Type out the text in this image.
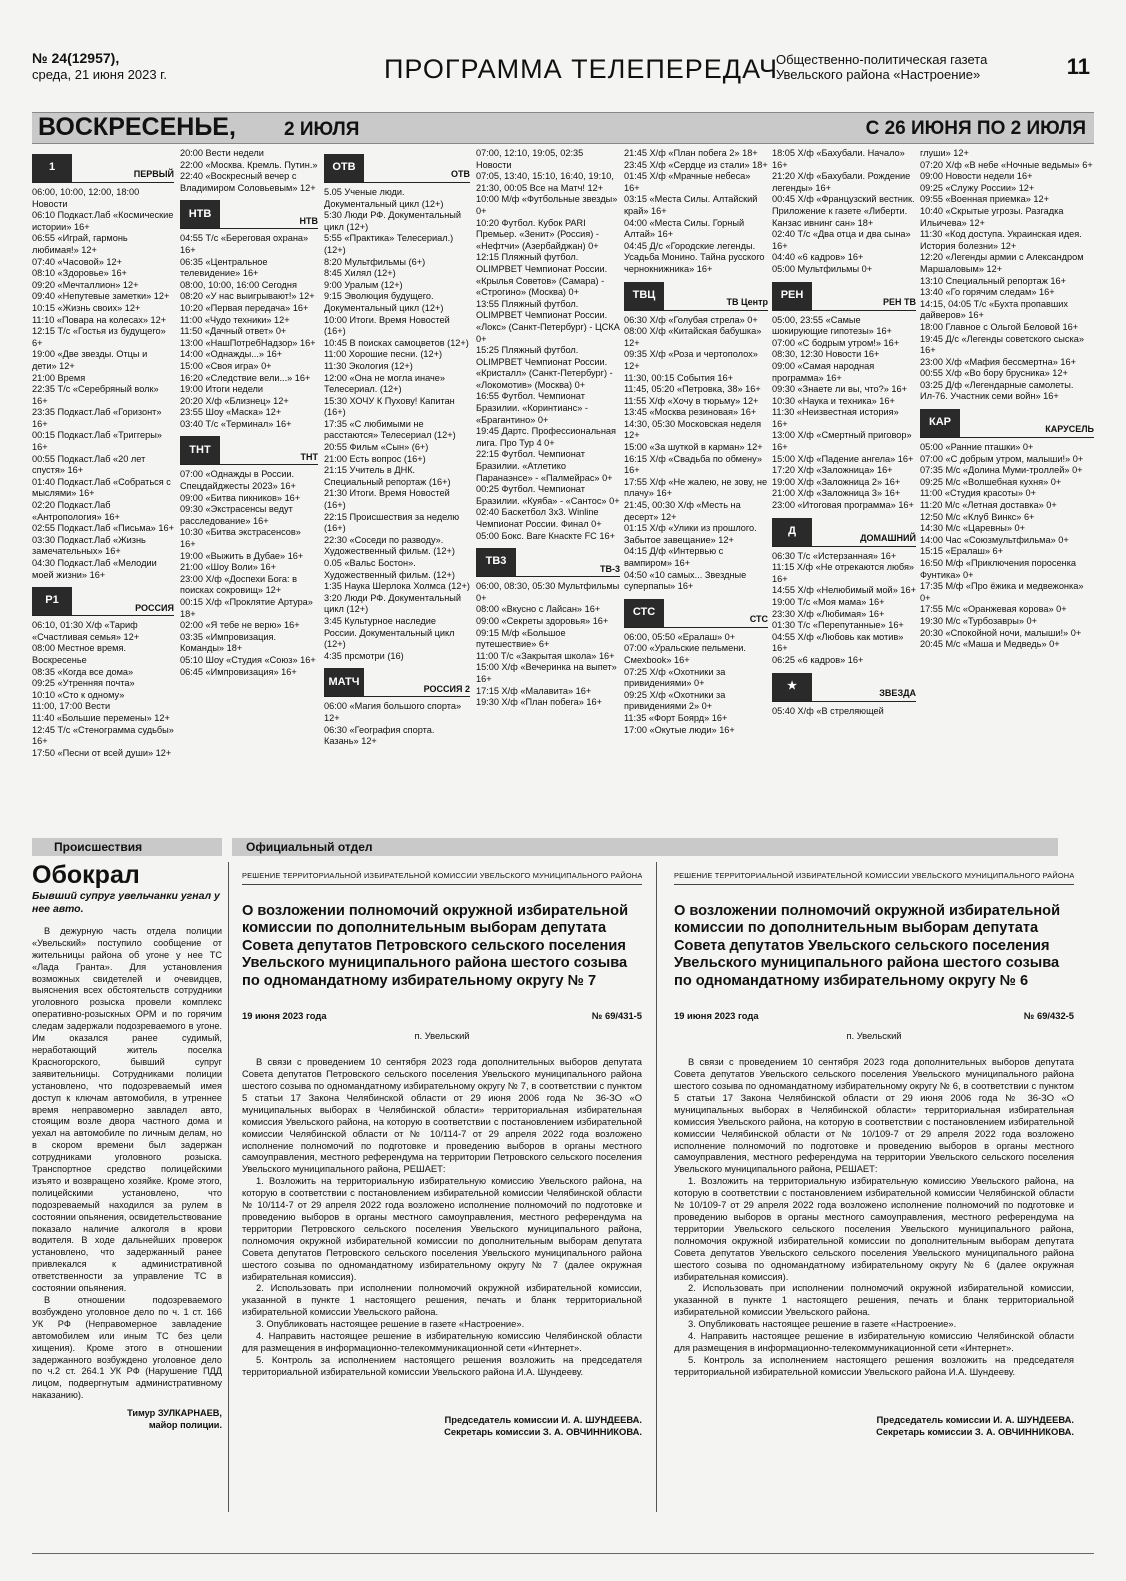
№ 24(12957),
среда, 21 июня 2023 г.	ПРОГРАММА ТЕЛЕПЕРЕДАЧ
Общественно-политическая газета
Увельского района «Настроение»	11
ВОСКРЕСЕНЬЕ,	2 ИЮЛЯ	С 26 ИЮНЯ ПО 2 ИЮЛЯ
1
ПЕРВЫЙ
06:00, 10:00, 12:00, 18:00 Новости
06:10 Подкаст.Лаб «Космические истории» 16+
06:55 «Играй, гармонь любимая!» 12+
07:40 «Часовой» 12+
08:10 «Здоровье» 16+
09:20 «Мечталлион» 12+
09:40 «Непутевые заметки» 12+
10:15 «Жизнь своих» 12+
11:10 «Повара на колесах» 12+
12:15 Т/с «Гостья из будущего» 6+
19:00 «Две звезды. Отцы и дети» 12+
21:00 Время
22:35 Т/с «Серебряный волк» 16+
23:35 Подкаст.Лаб «Горизонт» 16+
00:15 Подкаст.Лаб «Триггеры» 16+
00:55 Подкаст.Лаб «20 лет спустя» 16+
01:40 Подкаст.Лаб «Собраться с мыслями» 16+
02:20 Подкаст.Лаб «Антропология» 16+
02:55 Подкаст.Лаб «Письма» 16+
03:30 Подкаст.Лаб «Жизнь замечательных» 16+
04:30 Подкаст.Лаб «Мелодии моей жизни» 16+
Р1
РОССИЯ
06:10, 01:30 Х/ф «Тариф «Счастливая семья» 12+
08:00 Местное время. Воскресенье
08:35 «Когда все дома»
09:25 «Утренняя почта»
10:10 «Сто к одному»
11:00, 17:00 Вести
11:40 «Большие перемены» 12+
12:45 Т/с «Стенограмма судьбы» 16+
17:50 «Песни от всей души» 12+
20:00 Вести недели
22:00 «Москва. Кремль. Путин.»
22:40 «Воскресный вечер с Владимиром Соловьевым» 12+
НТВ
НТВ
04:55 Т/с «Береговая охрана» 16+
06:35 «Центральное телевидение» 16+
08:00, 10:00, 16:00 Сегодня
08:20 «У нас выигрывают!» 12+
10:20 «Первая передача» 16+
11:00 «Чудо техники» 12+
11:50 «Дачный ответ» 0+
13:00 «НашПотребНадзор» 16+
14:00 «Однажды...» 16+
15:00 «Своя игра» 0+
16:20 «Следствие вели...» 16+
19:00 Итоги недели
20:20 Х/ф «Близнец» 12+
23:55 Шоу «Маска» 12+
03:40 Т/с «Терминал» 16+
ТНТ
ТНТ
07:00 «Однажды в России. Спецдайджесты 2023» 16+
09:00 «Битва пикников» 16+
09:30 «Экстрасенсы ведут расследование» 16+
10:30 «Битва экстрасенсов» 16+
19:00 «Выжить в Дубае» 16+
21:00 «Шоу Воли» 16+
23:00 Х/ф «Доспехи Бога: в поисках сокровищ» 12+
00:15 Х/ф «Проклятие Артура» 18+
02:00 «Я тебе не верю» 16+
03:35 «Импровизация. Команды» 18+
05:10 Шоу «Студия «Союз» 16+
06:45 «Импровизация» 16+
ОТВ
ОТВ
5.05 Ученые люди. Документальный цикл (12+)
5:30 Люди РФ. Документальный цикл (12+)
5:55 «Практика» Телесериал.) (12+)
8:20 Мультфильмы (6+)
8:45 Хилял (12+)
9:00 Уралым (12+)
9:15 Эволюция будущего. Документальный цикл (12+)
10:00 Итоги. Время Новостей (16+)
10:45 В поисках самоцветов (12+)
11:00 Хорошие песни. (12+)
11:30 Экология (12+)
12:00 «Она не могла иначе» Телесериал. (12+)
15:30 ХОЧУ К Пухову! Капитан (16+)
17:35 «С любимыми не расстаются» Телесериал (12+)
20:55 Фильм «Сын» (6+)
21:00 Есть вопрос (16+)
21:15 Учитель в ДНК. Специальный репортаж (16+)
21:30 Итоги. Время Новостей (16+)
22:15 Происшествия за неделю (16+)
22:30 «Соседи по разводу». Художественный фильм. (12+)
0.05 «Вальс Бостон». Художественный фильм. (12+)
1:35 Наука Шерлока Холмса (12+)
3:20 Люди РФ. Документальный цикл (12+)
3:45 Культурное наследие России. Документальный цикл (12+)
4:35 прсмотри (16)
МАТЧ
РОССИЯ 2
06:00 «Магия большого спорта» 12+
06:30 «География спорта. Казань» 12+
07:00, 12:10, 19:05, 02:35 Новости
07:05, 13:40, 15:10, 16:40, 19:10, 21:30, 00:05 Все на Матч! 12+
10:00 М/ф «Футбольные звезды» 0+
10:20 Футбол. Кубок PARI Премьер. «Зенит» (Россия) - «Нефтчи» (Азербайджан) 0+
12:15 Пляжный футбол. OLIMPBET Чемпионат России. «Крылья Советов» (Самара) - «Строгино» (Москва) 0+
13:55 Пляжный футбол. OLIMPBET Чемпионат России. «Локс» (Санкт-Петербург) - ЦСКА 0+
15:25 Пляжный футбол. OLIMPBET Чемпионат России. «Кристалл» (Санкт-Петербург) - «Локомотив» (Москва) 0+
16:55 Футбол. Чемпионат Бразилии. «Коринтианс» - «Брагантино» 0+
19:45 Дартс. Профессиональная лига. Про Тур 4 0+
22:15 Футбол. Чемпионат Бразилии. «Атлетико Паранаэнсе» - «Палмейрас» 0+
00:25 Футбол. Чемпионат Бразилии. «Куяба» - «Сантос» 0+
02:40 Баскетбол 3х3. Winline Чемпионат России. Финал 0+
05:00 Бокс. Ваге Кнаскте FC 16+
ТВ3
ТВ-3
06:00, 08:30, 05:30 Мультфильмы 0+
08:00 «Вкусно с Лайсан» 16+
09:00 «Секреты здоровья» 16+
09:15 М/ф «Большое путешествие» 6+
11:00 Т/с «Закрытая школа» 16+
15:00 Х/ф «Вечеринка на выпет» 16+
17:15 Х/ф «Малавита» 16+
19:30 Х/ф «План побега» 16+
21:45 Х/ф «План побега 2» 18+
23:45 Х/ф «Сердце из стали» 18+
01:45 Х/ф «Мрачные небеса» 16+
03:15 «Места Силы. Алтайский край» 16+
04:00 «Места Силы. Горный Алтай» 16+
04:45 Д/с «Городские легенды. Усадьба Монино. Тайна русского чернокнижника» 16+
ТВЦ
ТВ Центр
06:30 Х/ф «Голубая стрела» 0+
08:00 Х/ф «Китайская бабушка» 12+
09:35 Х/ф «Роза и чертополох» 12+
11:30, 00:15 События 16+
11:45, 05:20 «Петровка, 38» 16+
11:55 Х/ф «Хочу в тюрьму» 12+
13:45 «Москва резиновая» 16+
14:30, 05:30 Московская неделя 12+
15:00 «За шуткой в карман» 12+
16:15 Х/ф «Свадьба по обмену» 16+
17:55 Х/ф «Не жалею, не зову, не плачу» 16+
21:45, 00:30 Х/ф «Месть на десерт» 12+
01:15 Х/ф «Улики из прошлого. Забытое завещание» 12+
04:15 Д/ф «Интервью с вампиром» 16+
04:50 «10 самых... Звездные суперпапы» 16+
СТС
СТС
06:00, 05:50 «Ералаш» 0+
07:00 «Уральские пельмени. Смехbook» 16+
07:25 Х/ф «Охотники за привидениями» 0+
09:25 Х/ф «Охотники за привидениями 2» 0+
11:35 «Форт Боярд» 16+
17:00 «Окутые люди» 16+
18:05 Х/ф «Бахубали. Начало» 16+
21:20 Х/ф «Бахубали. Рождение легенды» 16+
00:45 Х/ф «Французский вестник. Приложение к газете «Либерти. Канзас ивнинг сан» 18+
02:40 Т/с «Два отца и два сына» 16+
04:40 «6 кадров» 16+
05:00 Мультфильмы 0+
РЕН
РЕН ТВ
05:00, 23:55 «Самые шокирующие гипотезы» 16+
07:00 «С бодрым утром!» 16+
08:30, 12:30 Новости 16+
09:00 «Самая народная программа» 16+
09:30 «Знаете ли вы, что?» 16+
10:30 «Наука и техника» 16+
11:30 «Неизвестная история» 16+
13:00 Х/ф «Смертный приговор» 16+
15:00 Х/ф «Падение ангела» 16+
17:20 Х/ф «Заложница» 16+
19:00 Х/ф «Заложница 2» 16+
21:00 Х/ф «Заложница 3» 16+
23:00 «Итоговая программа» 16+
Д
ДОМАШНИЙ
06:30 Т/с «Истерзанная» 16+
11:15 Х/ф «Не отрекаются любя» 16+
14:55 Х/ф «Нелюбимый мой» 16+
19:00 Т/с «Моя мама» 16+
23:30 Х/ф «Любимая» 16+
01:30 Т/с «Перепутанные» 16+
04:55 Х/ф «Любовь как мотив» 16+
06:25 «6 кадров» 16+
★
ЗВЕЗДА
05:40 Х/ф «В стреляющей
глуши» 12+
07:20 Х/ф «В небе «Ночные ведьмы» 6+
09:00 Новости недели 16+
09:25 «Служу России» 12+
09:55 «Военная приемка» 12+
10:40 «Скрытые угрозы. Разгадка Ильичева» 12+
11:30 «Код доступа. Украинская идея. История болезни» 12+
12:20 «Легенды армии с Александром Маршаловым» 12+
13:10 Специальный репортаж 16+
13:40 «Го горячим следам» 16+
14:15, 04:05 Т/с «Бухта пропавших дайверов» 16+
18:00 Главное с Ольгой Беловой 16+
19:45 Д/с «Легенды советского сыска» 16+
23:00 Х/ф «Мафия бессмертна» 16+
00:55 Х/ф «Во бору брусника» 12+
03:25 Д/ф «Легендарные самолеты. Ил-76. Участник семи войн» 16+
КАР
КАРУСЕЛЬ
05:00 «Ранние пташки» 0+
07:00 «С добрым утром, малыши!» 0+
07:35 М/с «Долина Муми-троллей» 0+
09:25 М/с «Волшебная кухня» 0+
11:00 «Студия красоты» 0+
11:20 М/с «Летная доставка» 0+
12:50 М/с «Клуб Винкс» 6+
14:30 М/с «Царевны» 0+
14:00 Час «Союзмультфильма» 0+
15:15 «Ералаш» 6+
16:50 М/ф «Приключения поросенка Фунтика» 0+
17:35 М/ф «Про ёжика и медвежонка» 0+
17:55 М/с «Оранжевая корова» 0+
19:30 М/с «Турбозавры» 0+
20:30 «Спокойной ночи, малыши!» 0+
20:45 М/с «Маша и Медведь» 0+
Происшествия	Официальный отдел
Обокрал
Бывший супруг увельчанки угнал у нее авто.

В дежурную часть отдела полиции «Увельский» поступило сообщение от жительницы района об угоне у нее ТС «Лада Гранта». Для установления возможных свидетелей и очевидцев, выяснения всех обстоятельств сотрудники уголовного розыска провели комплекс оперативно-розыскных ОРМ и по горячим следам задержали подозреваемого в угоне. Им оказался ранее судимый, неработающий житель поселка Красногорского, бывший супруг заявительницы. Сотрудниками полиции установлено, что подозреваемый имея доступ к ключам автомобиля, в утреннее время неправомерно завладел авто, стоящим возле двора частного дома и уехал на автомобиле по личным делам, но в скором времени был задержан сотрудниками уголовного розыска. Транспортное средство полицейскими изъято и возвращено хозяйке. Кроме этого, полицейскими установлено, что подозреваемый находился за рулем в состоянии опьянения, освидетельствование показало наличие алкоголя в крови водителя. В ходе дальнейших проверок установлено, что задержанный ранее привлекался к административной ответственности за управление ТС в состоянии опьянения.

В отношении подозреваемого возбуждено уголовное дело по ч. 1 ст. 166 УК РФ (Неправомерное завладение автомобилем или иным ТС без цели хищения). Кроме этого в отношении задержанного возбуждено уголовное дело по ч.2 ст. 264.1 УК РФ (Нарушение ПДД лицом, подвергнутым административному наказанию).

Тимур ЗУЛКАРНАЕВ,
майор полиции.
РЕШЕНИЕ ТЕРРИТОРИАЛЬНОЙ ИЗБИРАТЕЛЬНОЙ КОМИССИИ УВЕЛЬСКОГО МУНИЦИПАЛЬНОГО РАЙОНА
О возложении полномочий окружной избирательной комиссии по дополнительным выборам депутата Совета депутатов Петровского сельского поселения Увельского муниципального района шестого созыва по одномандатному избирательному округу № 7
19 июня 2023 года	№ 69/431-5
п. Увельский

В связи с проведением 10 сентября 2023 года дополнительных выборов депутата Совета депутатов Петровского сельского поселения Увельского муниципального района шестого созыва по одномандатному избирательному округу № 7, в соответствии с пунктом 5 статьи 17 Закона Челябинской области от 29 июня 2006 года № 36-ЗО «О муниципальных выборах в Челябинской области» территориальная избирательная комиссия Увельского района, на которую в соответствии с постановлением избирательной комиссии Челябинской области от № 10/114-7 от 29 апреля 2022 года возложено исполнение полномочий по подготовке и проведению выборов в органы местного самоуправления, местного референдума на территории Петровского сельского поселения Увельского муниципального района, РЕШАЕТ:

1. Возложить на территориальную избирательную комиссию Увельского района, на которую в соответствии с постановлением избирательной комиссии Челябинской области № 10/114-7 от 29 апреля 2022 года возложено исполнение полномочий по подготовке и проведению выборов в органы местного самоуправления, местного референдума на территории Петровского сельского поселения Увельского муниципального района, полномочия окружной избирательной комиссии по дополнительным выборам депутата Совета депутатов Петровского сельского поселения Увельского муниципального района шестого созыва по одномандатному избирательному округу № 7 (далее окружная избирательная комиссия).

2. Использовать при исполнении полномочий окружной избирательной комиссии, указанной в пункте 1 настоящего решения, печать и бланк территориальной избирательной комиссии Увельского района.

3. Опубликовать настоящее решение в газете «Настроение».

4. Направить настоящее решение в избирательную комиссию Челябинской области для размещения в информационно-телекоммуникационной сети «Интернет».

5. Контроль за исполнением настоящего решения возложить на председателя территориальной избирательной комиссии Увельского района И.А. Шундееву.

Председатель комиссии И. А. ШУНДЕЕВА.
Секретарь комиссии З. А. ОВЧИННИКОВА.
РЕШЕНИЕ ТЕРРИТОРИАЛЬНОЙ ИЗБИРАТЕЛЬНОЙ КОМИССИИ УВЕЛЬСКОГО МУНИЦИПАЛЬНОГО РАЙОНА
О возложении полномочий окружной избирательной комиссии по дополнительным выборам депутата Совета депутатов Увельского сельского поселения Увельского муниципального района шестого созыва по одномандатному избирательному округу № 6
19 июня 2023 года	№ 69/432-5
п. Увельский

В связи с проведением 10 сентября 2023 года дополнительных выборов депутата Совета депутатов Увельского сельского поселения Увельского муниципального района шестого созыва по одномандатному избирательному округу № 6, в соответствии с пунктом 5 статьи 17 Закона Челябинской области от 29 июня 2006 года № 36-ЗО «О муниципальных выборах в Челябинской области» территориальная избирательная комиссия Увельского района, на которую в соответствии с постановлением избирательной комиссии Челябинской области от № 10/109-7 от 29 апреля 2022 года возложено исполнение полномочий по подготовке и проведению выборов в органы местного самоуправления, местного референдума на территории Увельского сельского поселения Увельского муниципального района, РЕШАЕТ:

1. Возложить на территориальную избирательную комиссию Увельского района, на которую в соответствии с постановлением избирательной комиссии Челябинской области № 10/109-7 от 29 апреля 2022 года возложено исполнение полномочий по подготовке и проведению выборов в органы местного самоуправления, местного референдума на территории Увельского сельского поселения Увельского муниципального района, полномочия окружной избирательной комиссии по дополнительным выборам депутата Совета депутатов Увельского сельского поселения Увельского муниципального района шестого созыва по одномандатному избирательному округу № 6 (далее окружная избирательная комиссия).

2. Использовать при исполнении полномочий окружной избирательной комиссии, указанной в пункте 1 настоящего решения, печать и бланк территориальной избирательной комиссии Увельского района.

3. Опубликовать настоящее решение в газете «Настроение».

4. Направить настоящее решение в избирательную комиссию Челябинской области для размещения в информационно-телекоммуникационной сети «Интернет».

5. Контроль за исполнением настоящего решения возложить на председателя территориальной избирательной комиссии Увельского района И.А. Шундееву.

Председатель комиссии И. А. ШУНДЕЕВА.
Секретарь комиссии З. А. ОВЧИННИКОВА.
